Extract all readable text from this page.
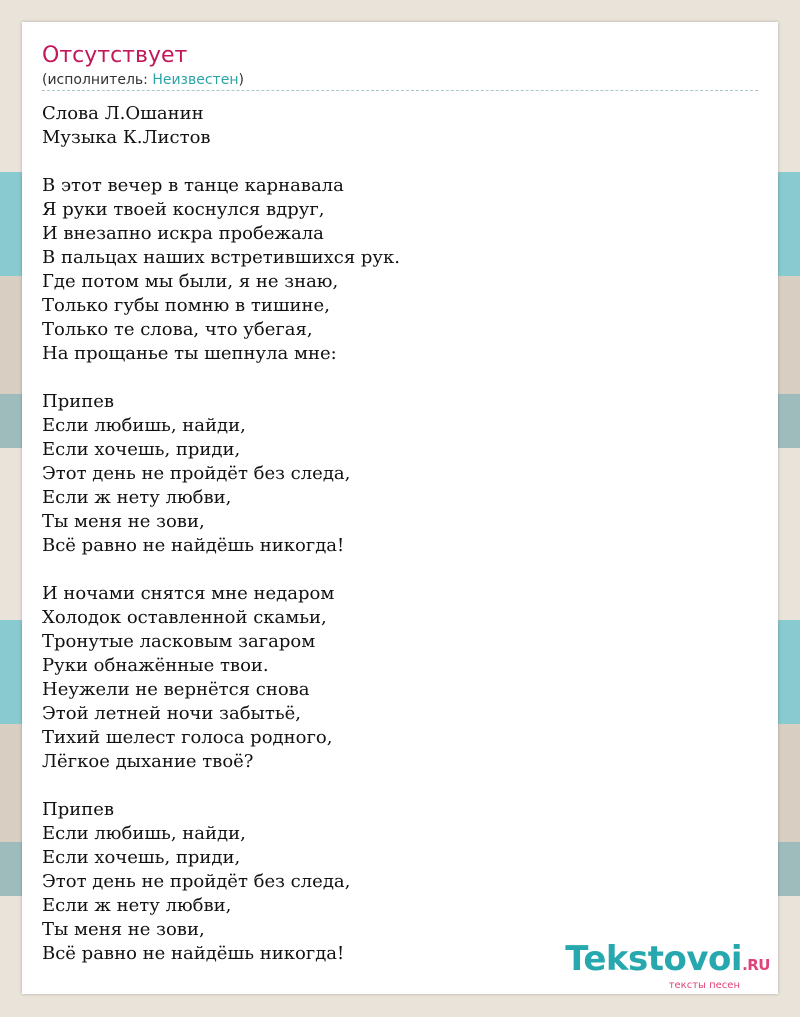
Отсутствует
(исполнитель: Неизвестен)
Слова Л.Ошанин
Музыка К.Листов
В этот вечер в танце карнавала
Я руки твоей коснулся вдруг,
И внезапно искра пробежала
В пальцах наших встретившихся рук.
Где потом мы были, я не знаю,
Только губы помню в тишине,
Только те слова, что убегая,
На прощанье ты шепнула мне:
Припев
Если любишь, найди,
Если хочешь, приди,
Этот день не пройдёт без следа,
Если ж нету любви,
Ты меня не зови,
Всё равно не найдёшь никогда!
И ночами снятся мне недаром
Холодок оставленной скамьи,
Тронутые ласковым загаром
Руки обнажённые твои.
Неужели не вернётся снова
Этой летней ночи забытьё,
Тихий шелест голоса родного,
Лёгкое дыхание твоё?
Припев
Если любишь, найди,
Если хочешь, приди,
Этот день не пройдёт без следа,
Если ж нету любви,
Ты меня не зови,
Всё равно не найдёшь никогда!	Tekstovoi.RU
тексты песен
